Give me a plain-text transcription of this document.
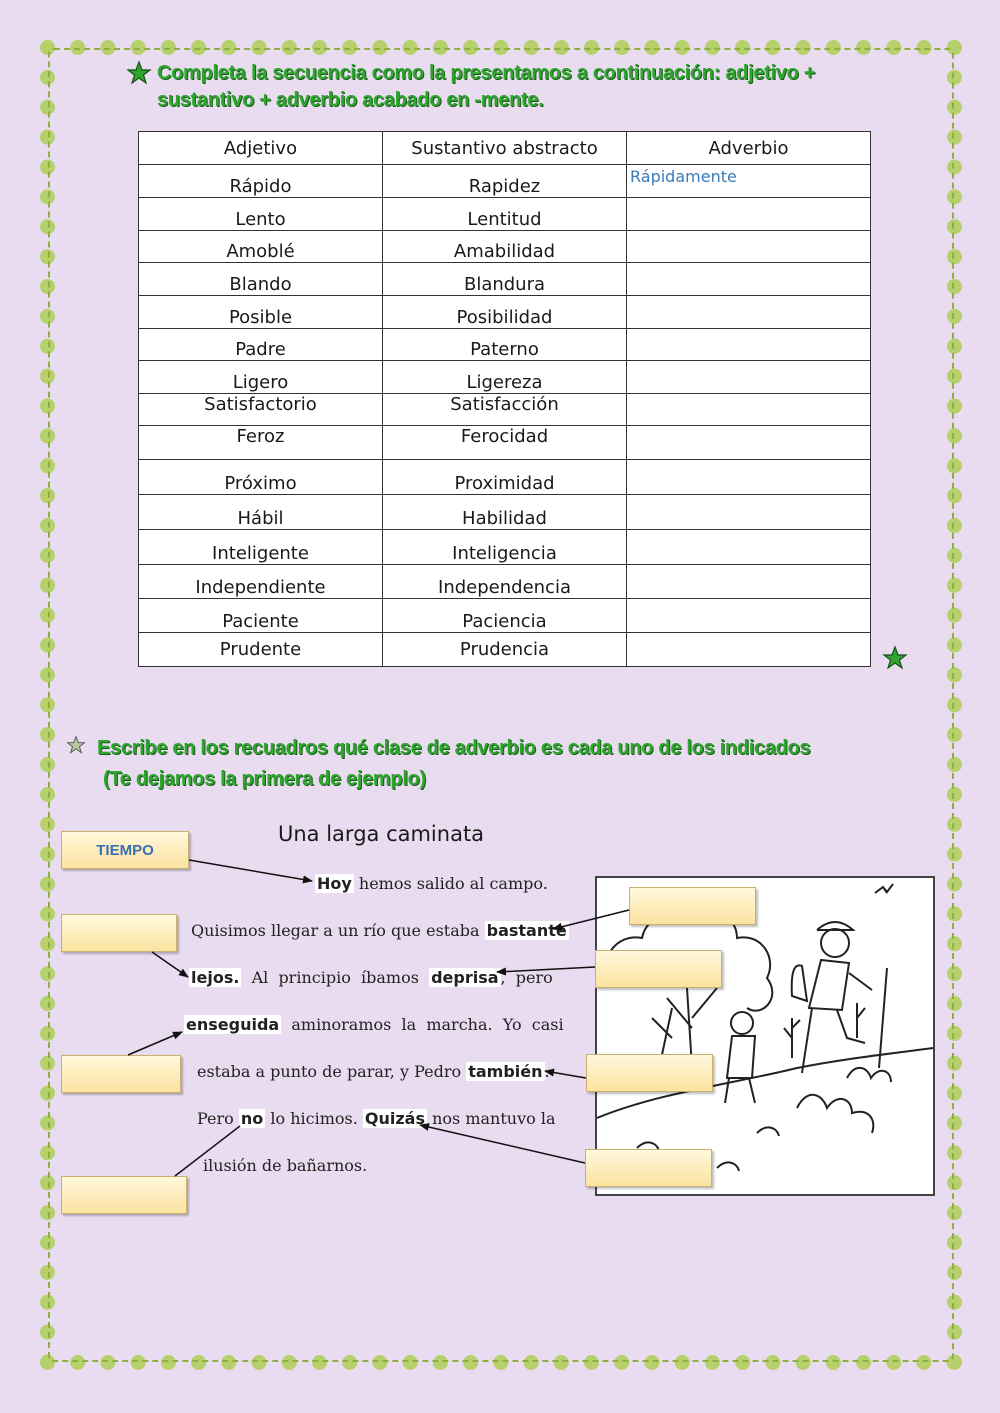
Completa la secuencia como la presentamos a continuación: adjetivo +
sustantivo + adverbio acabado en -mente.
Adjetivo	Sustantivo abstracto	Adverbio
Rápido	Rapidez	Rápidamente
Lento	Lentitud	
Amoblé	Amabilidad	
Blando	Blandura	
Posible	Posibilidad	
Padre	Paterno	
Ligero	Ligereza	
Satisfactorio	Satisfacción	
Feroz	Ferocidad	
Próximo	Proximidad	
Hábil	Habilidad	
Inteligente	Inteligencia	
Independiente	Independencia	
Paciente	Paciencia	
Prudente	Prudencia	
Escribe en los recuadros qué clase de adverbio es cada uno de los indicados
(Te dejamos la primera de ejemplo)
Una larga caminata
Hoy hemos salido al campo.
Quisimos llegar a un río que estaba bastante
lejos.  Al  principio  íbamos  deprisa ,  pero
enseguida  aminoramos  la  marcha.  Yo  casi
estaba a punto de parar, y Pedro también .
Pero no lo hicimos. Quizás nos mantuvo la
ilusión de bañarnos.
TIEMPO
